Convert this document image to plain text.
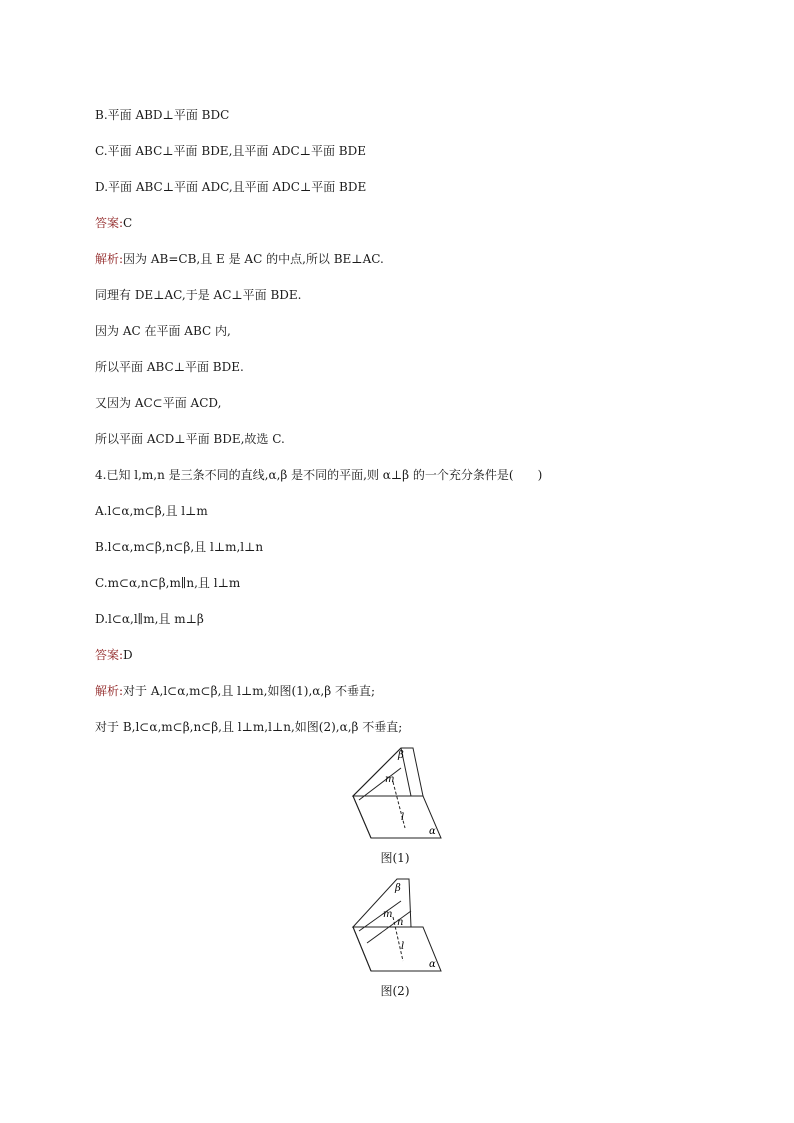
B.平面 ABD⊥平面 BDC
C.平面 ABC⊥平面 BDE,且平面 ADC⊥平面 BDE
D.平面 ABC⊥平面 ADC,且平面 ADC⊥平面 BDE
答案:C
解析:因为 AB=CB,且 E 是 AC 的中点,所以 BE⊥AC.
同理有 DE⊥AC,于是 AC⊥平面 BDE.
因为 AC 在平面 ABC 内,
所以平面 ABC⊥平面 BDE.
又因为 AC⊂平面 ACD,
所以平面 ACD⊥平面 BDE,故选 C.
4.已知 l,m,n 是三条不同的直线,α,β 是不同的平面,则 α⊥β 的一个充分条件是(　　)
A.l⊂α,m⊂β,且 l⊥m
B.l⊂α,m⊂β,n⊂β,且 l⊥m,l⊥n
C.m⊂α,n⊂β,m∥n,且 l⊥m
D.l⊂α,l∥m,且 m⊥β
答案:D
解析:对于 A,l⊂α,m⊂β,且 l⊥m,如图(1),α,β 不垂直;
对于 B,l⊂α,m⊂β,n⊂β,且 l⊥m,l⊥n,如图(2),α,β 不垂直;
β
m
l
α
图(1)
β
m
n
l
α
图(2)
